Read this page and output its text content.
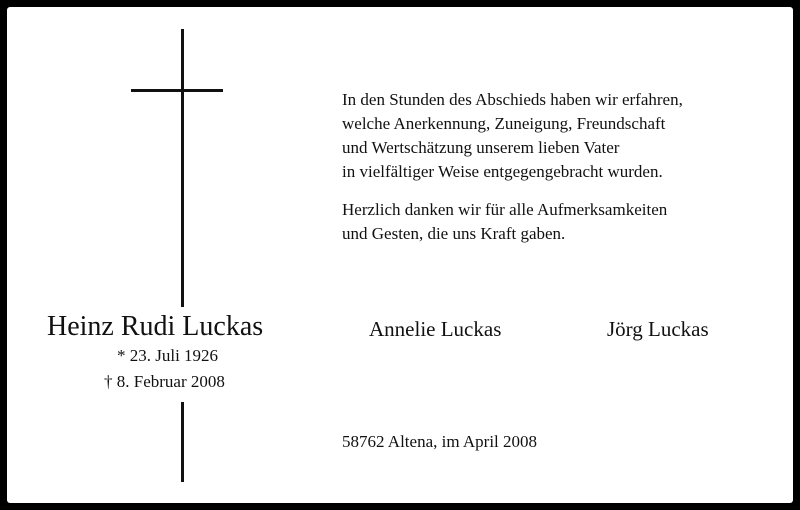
In den Stunden des Abschieds haben wir erfahren,
welche Anerkennung, Zuneigung, Freundschaft
und Wertschätzung unserem lieben Vater
in vielfältiger Weise entgegengebracht wurden.
Herzlich danken wir für alle Aufmerksamkeiten
und Gesten, die uns Kraft gaben.
Heinz Rudi Luckas
* 23. Juli 1926
† 8. Februar 2008
Annelie Luckas	Jörg Luckas
58762 Altena, im April 2008
